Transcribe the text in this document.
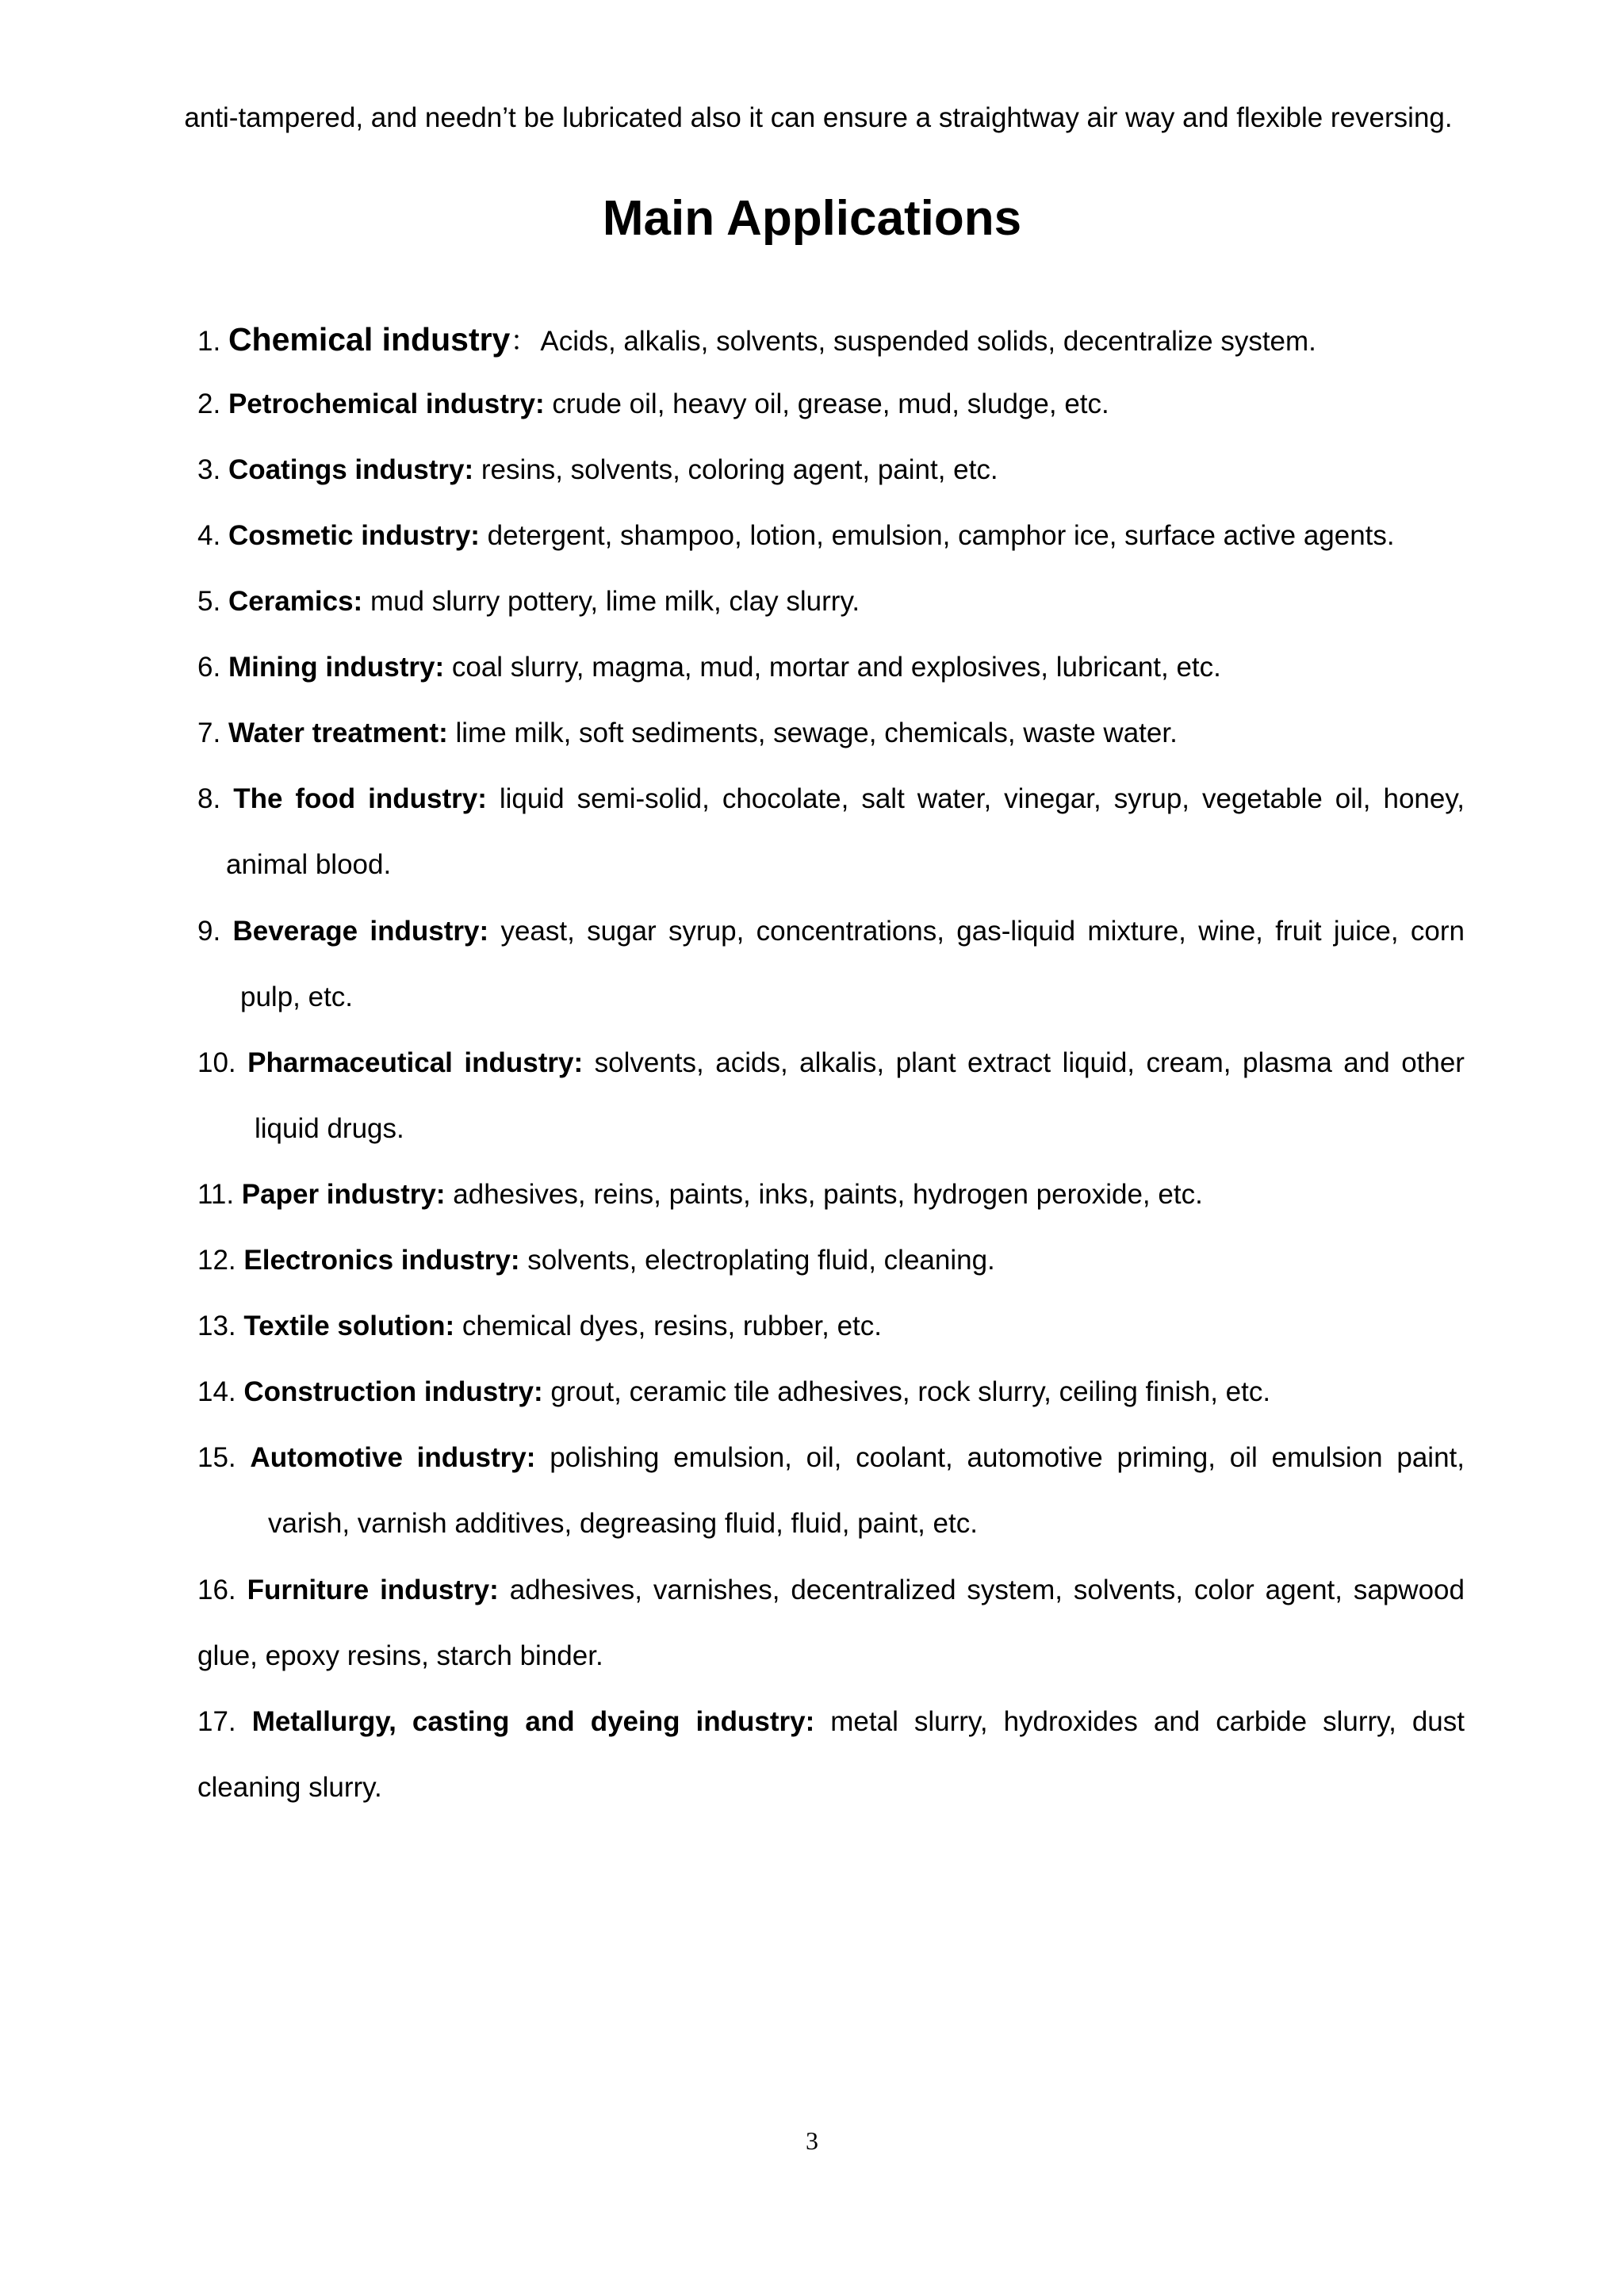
anti-tampered, and needn’t be lubricated also it can ensure a straightway air way and flexible reversing.
Main Applications
1. Chemical industry：Acids, alkalis, solvents, suspended solids, decentralize system.
2. Petrochemical industry: crude oil, heavy oil, grease, mud, sludge, etc.
3. Coatings industry: resins, solvents, coloring agent, paint, etc.
4. Cosmetic industry: detergent, shampoo, lotion, emulsion, camphor ice, surface active agents.
5. Ceramics: mud slurry pottery, lime milk, clay slurry.
6. Mining industry: coal slurry, magma, mud, mortar and explosives, lubricant, etc.
7. Water treatment: lime milk, soft sediments, sewage, chemicals, waste water.
8. The food industry: liquid semi-solid, chocolate, salt water, vinegar, syrup, vegetable oil, honey,
animal blood.
9. Beverage industry: yeast, sugar syrup, concentrations, gas-liquid mixture, wine, fruit juice, corn
pulp, etc.
10. Pharmaceutical industry: solvents, acids, alkalis, plant extract liquid, cream, plasma and other
liquid drugs.
11. Paper industry: adhesives, reins, paints, inks, paints, hydrogen peroxide, etc.
12. Electronics industry: solvents, electroplating fluid, cleaning.
13. Textile solution: chemical dyes, resins, rubber, etc.
14. Construction industry: grout, ceramic tile adhesives, rock slurry, ceiling finish, etc.
15. Automotive industry: polishing emulsion, oil, coolant, automotive priming, oil emulsion paint,
varish, varnish additives, degreasing fluid, fluid, paint, etc.
16. Furniture industry: adhesives, varnishes, decentralized system, solvents, color agent, sapwood
glue, epoxy resins, starch binder.
17. Metallurgy, casting and dyeing industry: metal slurry, hydroxides and carbide slurry, dust
cleaning slurry.
3
